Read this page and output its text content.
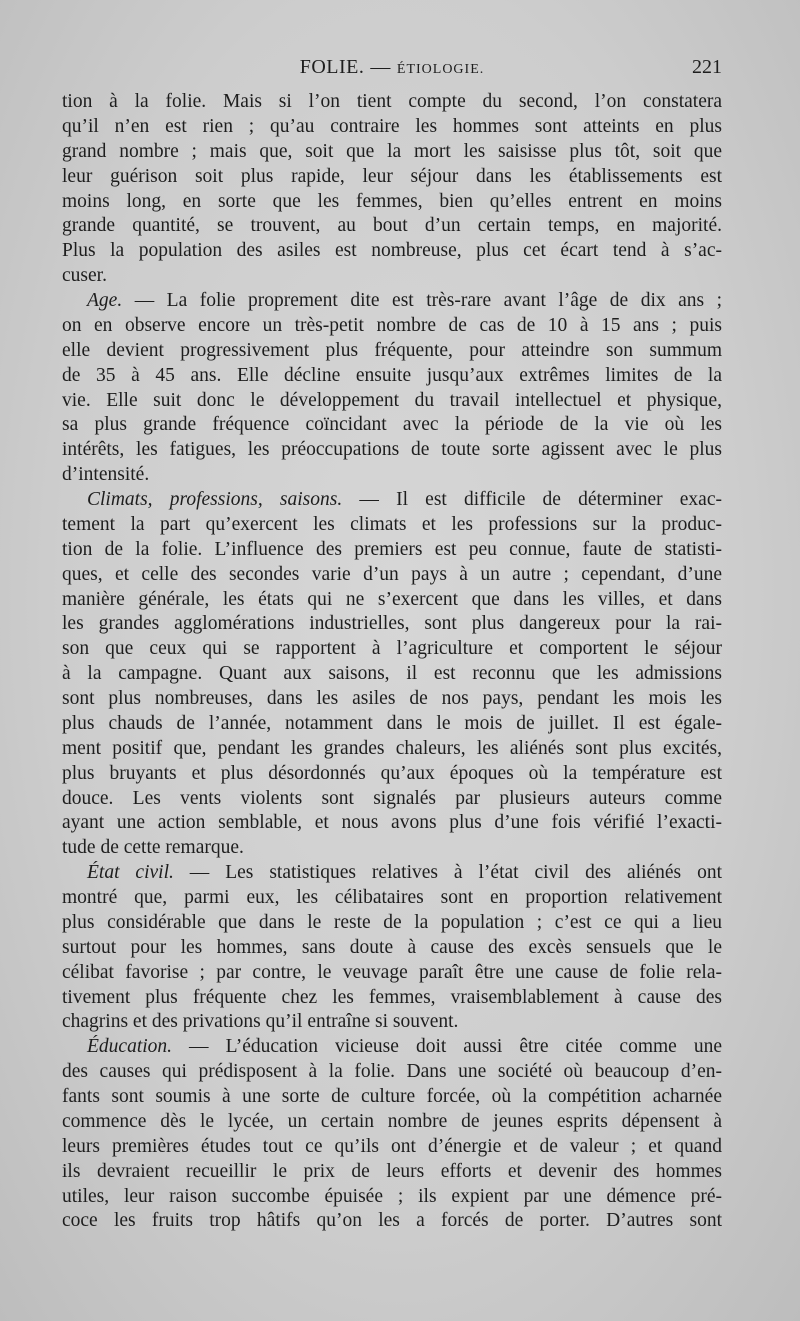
FOLIE. — ÉTIOLOGIE.	221
tion à la folie. Mais si l’on tient compte du second, l’on constatera
qu’il n’en est rien ; qu’au contraire les hommes sont atteints en plus
grand nombre ; mais que, soit que la mort les saisisse plus tôt, soit que
leur guérison soit plus rapide, leur séjour dans les établissements est
moins long, en sorte que les femmes, bien qu’elles entrent en moins
grande quantité, se trouvent, au bout d’un certain temps, en majorité.
Plus la population des asiles est nombreuse, plus cet écart tend à s’ac-
cuser.
Age. — La folie proprement dite est très-rare avant l’âge de dix ans ;
on en observe encore un très-petit nombre de cas de 10 à 15 ans ; puis
elle devient progressivement plus fréquente, pour atteindre son summum
de 35 à 45 ans. Elle décline ensuite jusqu’aux extrêmes limites de la
vie. Elle suit donc le développement du travail intellectuel et physique,
sa plus grande fréquence coïncidant avec la période de la vie où les
intérêts, les fatigues, les préoccupations de toute sorte agissent avec le plus
d’intensité.
Climats, professions, saisons. — Il est difficile de déterminer exac-
tement la part qu’exercent les climats et les professions sur la produc-
tion de la folie. L’influence des premiers est peu connue, faute de statisti-
ques, et celle des secondes varie d’un pays à un autre ; cependant, d’une
manière générale, les états qui ne s’exercent que dans les villes, et dans
les grandes agglomérations industrielles, sont plus dangereux pour la rai-
son que ceux qui se rapportent à l’agriculture et comportent le séjour
à la campagne. Quant aux saisons, il est reconnu que les admissions
sont plus nombreuses, dans les asiles de nos pays, pendant les mois les
plus chauds de l’année, notamment dans le mois de juillet. Il est égale-
ment positif que, pendant les grandes chaleurs, les aliénés sont plus excités,
plus bruyants et plus désordonnés qu’aux époques où la température est
douce. Les vents violents sont signalés par plusieurs auteurs comme
ayant une action semblable, et nous avons plus d’une fois vérifié l’exacti-
tude de cette remarque.
État civil. — Les statistiques relatives à l’état civil des aliénés ont
montré que, parmi eux, les célibataires sont en proportion relativement
plus considérable que dans le reste de la population ; c’est ce qui a lieu
surtout pour les hommes, sans doute à cause des excès sensuels que le
célibat favorise ; par contre, le veuvage paraît être une cause de folie rela-
tivement plus fréquente chez les femmes, vraisemblablement à cause des
chagrins et des privations qu’il entraîne si souvent.
Éducation. — L’éducation vicieuse doit aussi être citée comme une
des causes qui prédisposent à la folie. Dans une société où beaucoup d’en-
fants sont soumis à une sorte de culture forcée, où la compétition acharnée
commence dès le lycée, un certain nombre de jeunes esprits dépensent à
leurs premières études tout ce qu’ils ont d’énergie et de valeur ; et quand
ils devraient recueillir le prix de leurs efforts et devenir des hommes
utiles, leur raison succombe épuisée ; ils expient par une démence pré-
coce les fruits trop hâtifs qu’on les a forcés de porter. D’autres sont
